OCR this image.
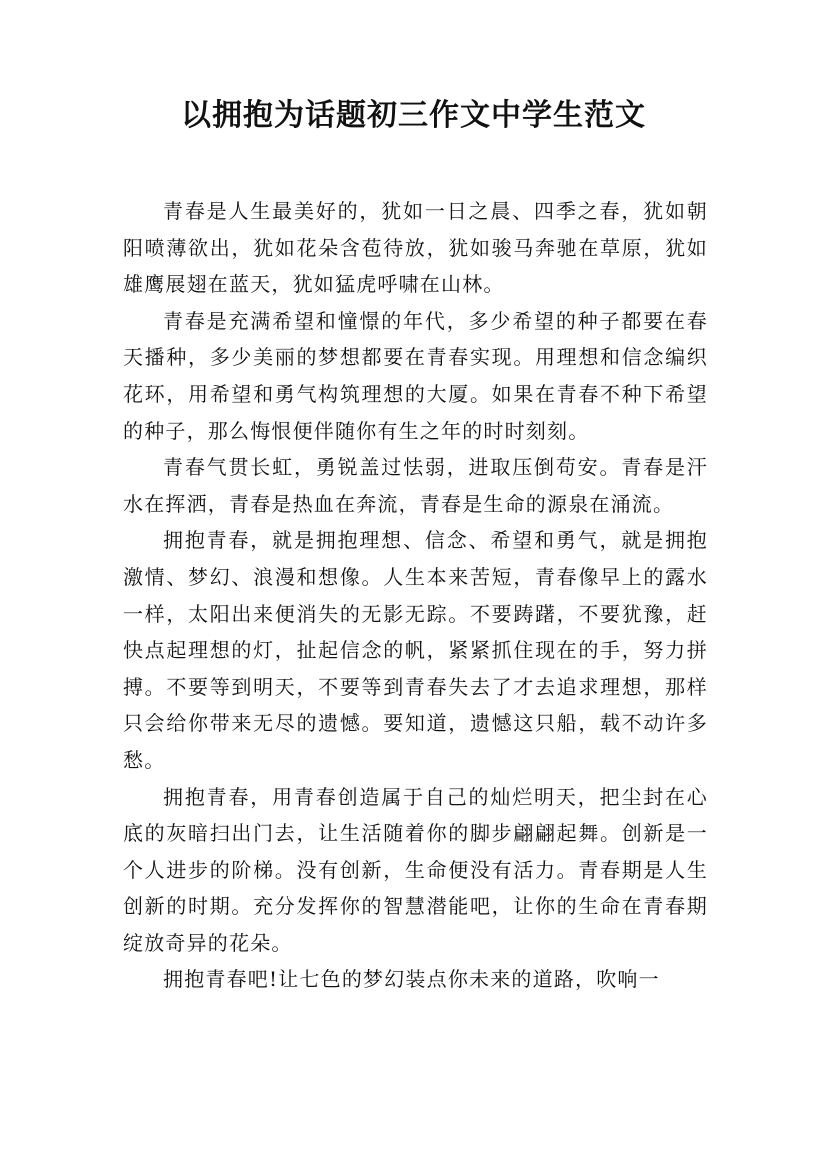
以拥抱为话题初三作文中学生范文

青春是人生最美好的，犹如一日之晨、四季之春，犹如朝阳喷薄欲出，犹如花朵含苞待放，犹如骏马奔驰在草原，犹如雄鹰展翅在蓝天，犹如猛虎呼啸在山林。

青春是充满希望和憧憬的年代，多少希望的种子都要在春天播种，多少美丽的梦想都要在青春实现。用理想和信念编织花环，用希望和勇气构筑理想的大厦。如果在青春不种下希望的种子，那么悔恨便伴随你有生之年的时时刻刻。

青春气贯长虹，勇锐盖过怯弱，进取压倒苟安。青春是汗水在挥洒，青春是热血在奔流，青春是生命的源泉在涌流。

拥抱青春，就是拥抱理想、信念、希望和勇气，就是拥抱激情、梦幻、浪漫和想像。人生本来苦短，青春像早上的露水一样，太阳出来便消失的无影无踪。不要踌躇，不要犹豫，赶快点起理想的灯，扯起信念的帆，紧紧抓住现在的手，努力拼搏。不要等到明天，不要等到青春失去了才去追求理想，那样只会给你带来无尽的遗憾。要知道，遗憾这只船，载不动许多愁。

拥抱青春，用青春创造属于自己的灿烂明天，把尘封在心底的灰暗扫出门去，让生活随着你的脚步翩翩起舞。创新是一个人进步的阶梯。没有创新，生命便没有活力。青春期是人生创新的时期。充分发挥你的智慧潜能吧，让你的生命在青春期绽放奇异的花朵。

拥抱青春吧!让七色的梦幻装点你未来的道路，吹响一
